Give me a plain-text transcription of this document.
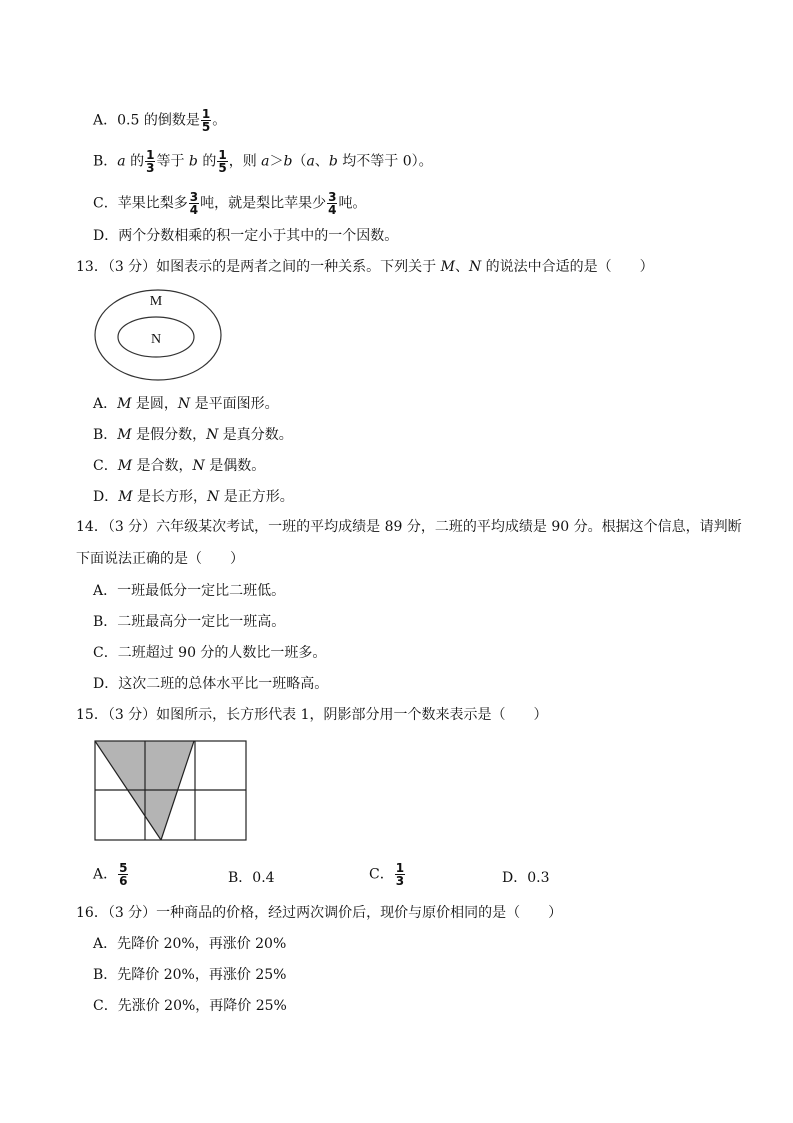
A．0.5 的倒数是 $\frac{1}{5}$ 。
B．a 的 $\frac{1}{3}$ 等于 b 的 $\frac{1}{5}$ ，则 a＞b（a、b 均不等于 0）。
C．苹果比梨多 $\frac{3}{4}$ 吨，就是梨比苹果少 $\frac{3}{4}$ 吨。
D．两个分数相乘的积一定小于其中的一个因数。
13．（3 分）如图表示的是两者之间的一种关系。下列关于 M、N 的说法中合适的是（　　）
M
N
A．M 是圆，N 是平面图形。
B．M 是假分数，N 是真分数。
C．M 是合数，N 是偶数。
D．M 是长方形，N 是正方形。
14．（3 分）六年级某次考试，一班的平均成绩是 89 分，二班的平均成绩是 90 分。根据这个信息，请判断
下面说法正确的是（　　）
A．一班最低分一定比二班低。
B．二班最高分一定比一班高。
C．二班超过 90 分的人数比一班多。
D．这次二班的总体水平比一班略高。
15．（3 分）如图所示，长方形代表 1，阴影部分用一个数来表示是（　　）
A． $\frac{5}{6}$	B．0.4	C． $\frac{1}{3}$	D．0.3
16．（3 分）一种商品的价格，经过两次调价后，现价与原价相同的是（　　）
A．先降价 20%，再涨价 20%
B．先降价 20%，再涨价 25%
C．先涨价 20%，再降价 25%
